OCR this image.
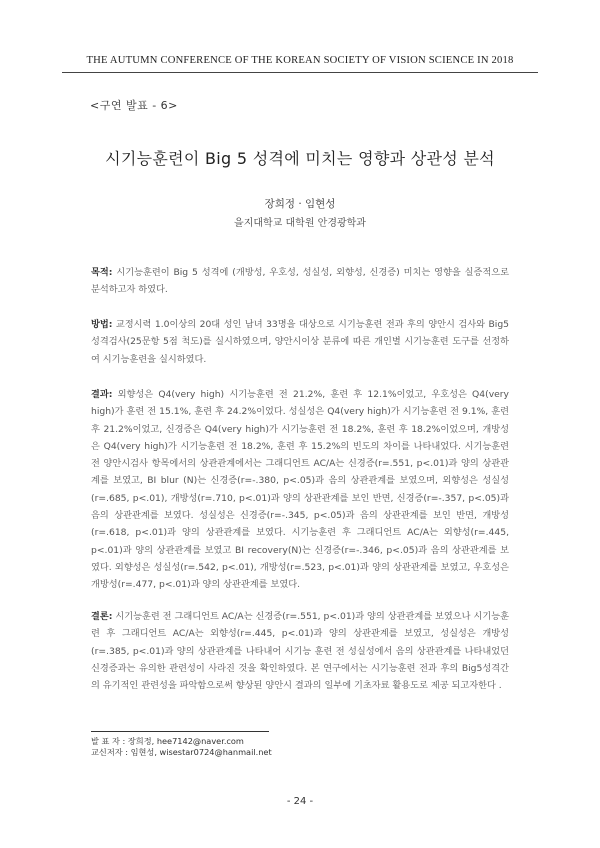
THE AUTUMN CONFERENCE OF THE KOREAN SOCIETY OF VISION SCIENCE IN 2018
<구연 발표 - 6>
시기능훈련이 Big 5 성격에 미치는 영향과 상관성 분석
장희정 · 임현성
을지대학교 대학원 안경광학과
목적: 시기능훈련이 Big 5 성격에 (개방성, 우호성, 성실성, 외향성, 신경증) 미치는 영향을 실증적으로 분석하고자 하였다.
방법: 교정시력 1.0이상의 20대 성인 남녀 33명을 대상으로 시기능훈련 전과 후의 양안시 검사와 Big5 성격검사(25문항 5점 척도)를 실시하였으며, 양안시이상 분류에 따른 개인별 시기능훈련 도구를 선정하여 시기능훈련을 실시하였다.
결과: 외향성은 Q4(very high) 시기능훈련 전 21.2%, 훈련 후 12.1%이었고, 우호성은 Q4(very high)가 훈련 전 15.1%, 훈련 후 24.2%이었다. 성실성은 Q4(very high)가 시기능훈련 전 9.1%, 훈련 후 21.2%이었고, 신경증은 Q4(very high)가 시기능훈련 전 18.2%, 훈련 후 18.2%이었으며, 개방성은 Q4(very high)가 시기능훈련 전 18.2%, 훈련 후 15.2%의 빈도의 차이를 나타내었다. 시기능훈련 전 양안시검사 항목에서의 상관관계에서는 그래디언트 AC/A는 신경증(r=.551, p<.01)과 양의 상관관계를 보였고, BI blur (N)는 신경증(r=-.380, p<.05)과 음의 상관관계를 보였으며, 외향성은 성실성(r=.685, p<.01), 개방성(r=.710, p<.01)과 양의 상관관계를 보인 반면, 신경증(r=-.357, p<.05)과 음의 상관관계를 보였다. 성실성은 신경증(r=-.345, p<.05)과 음의 상관관계를 보인 반면, 개방성(r=.618, p<.01)과 양의 상관관계를 보였다. 시기능훈련 후 그래디언트 AC/A는 외향성(r=.445, p<.01)과 양의 상관관계를 보였고 BI recovery(N)는 신경증(r=-.346, p<.05)과 음의 상관관계를 보였다. 외향성은 성실성(r=.542, p<.01), 개방성(r=.523, p<.01)과 양의 상관관계를 보였고, 우호성은 개방성(r=.477, p<.01)과 양의 상관관계를 보였다.
결론: 시기능훈련 전 그래디언트 AC/A는 신경증(r=.551, p<.01)과 양의 상관관계를 보였으나 시기능훈련 후 그래디언트 AC/A는 외향성(r=.445, p<.01)과 양의 상관관계를 보였고, 성실성은 개방성(r=.385, p<.01)과 양의 상관관계를 나타내어 시기능 훈련 전 성실성에서 음의 상관관계를 나타내었던 신경증과는 유의한 관련성이 사라진 것을 확인하였다. 본 연구에서는 시기능훈련 전과 후의 Big5성격간의 유기적인 관련성을 파악함으로써 향상된 양안시 결과의 일부에 기초자료 활용도로 제공 되고자한다 .
발 표 자 : 장희정, hee7142@naver.com
교신저자 : 임현성, wisestar0724@hanmail.net
- 24 -
